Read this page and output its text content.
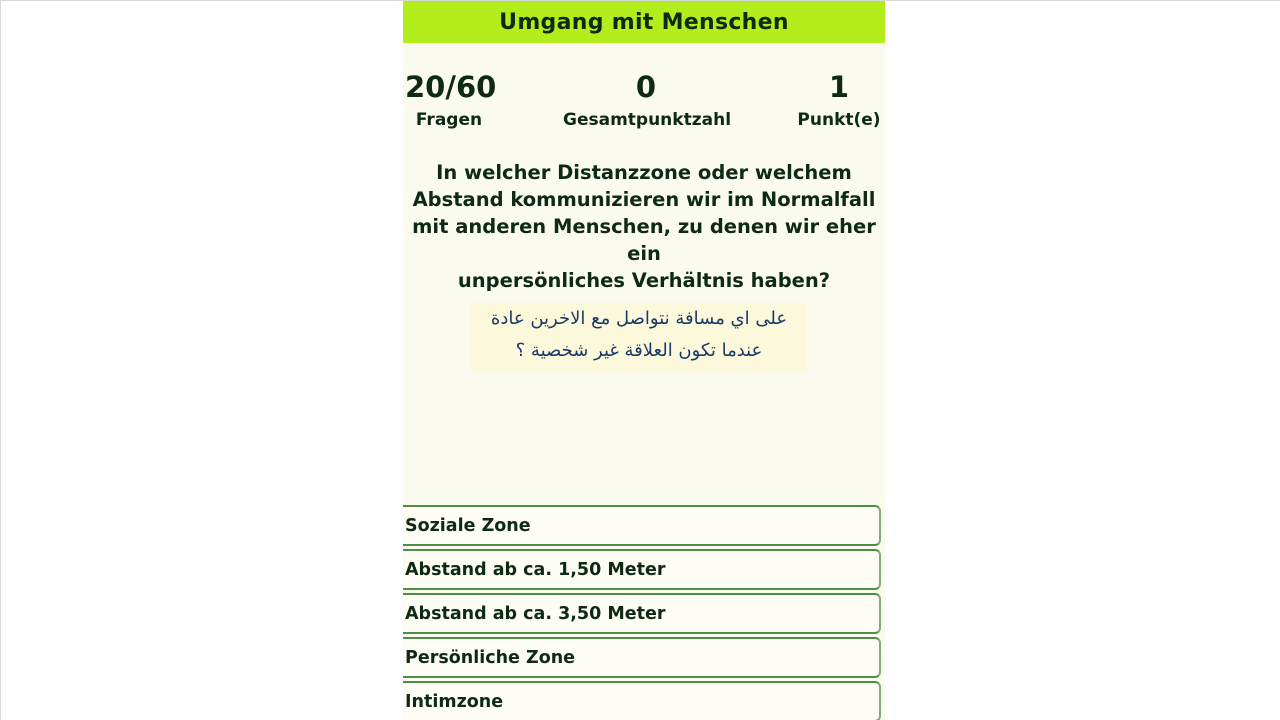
Umgang mit Menschen
20/60
Fragen
0
Gesamtpunktzahl
1
Punkt(e)
In welcher Distanzzone oder welchem
Abstand kommunizieren wir im Normalfall
mit anderen Menschen, zu denen wir eher ein
unpersönliches Verhältnis haben?
على اي مسافة نتواصل مع الاخرين عادة
عندما تكون العلاقة غير شخصية ؟
Soziale Zone
Abstand ab ca. 1,50 Meter
Abstand ab ca. 3,50 Meter
Persönliche Zone
Intimzone
